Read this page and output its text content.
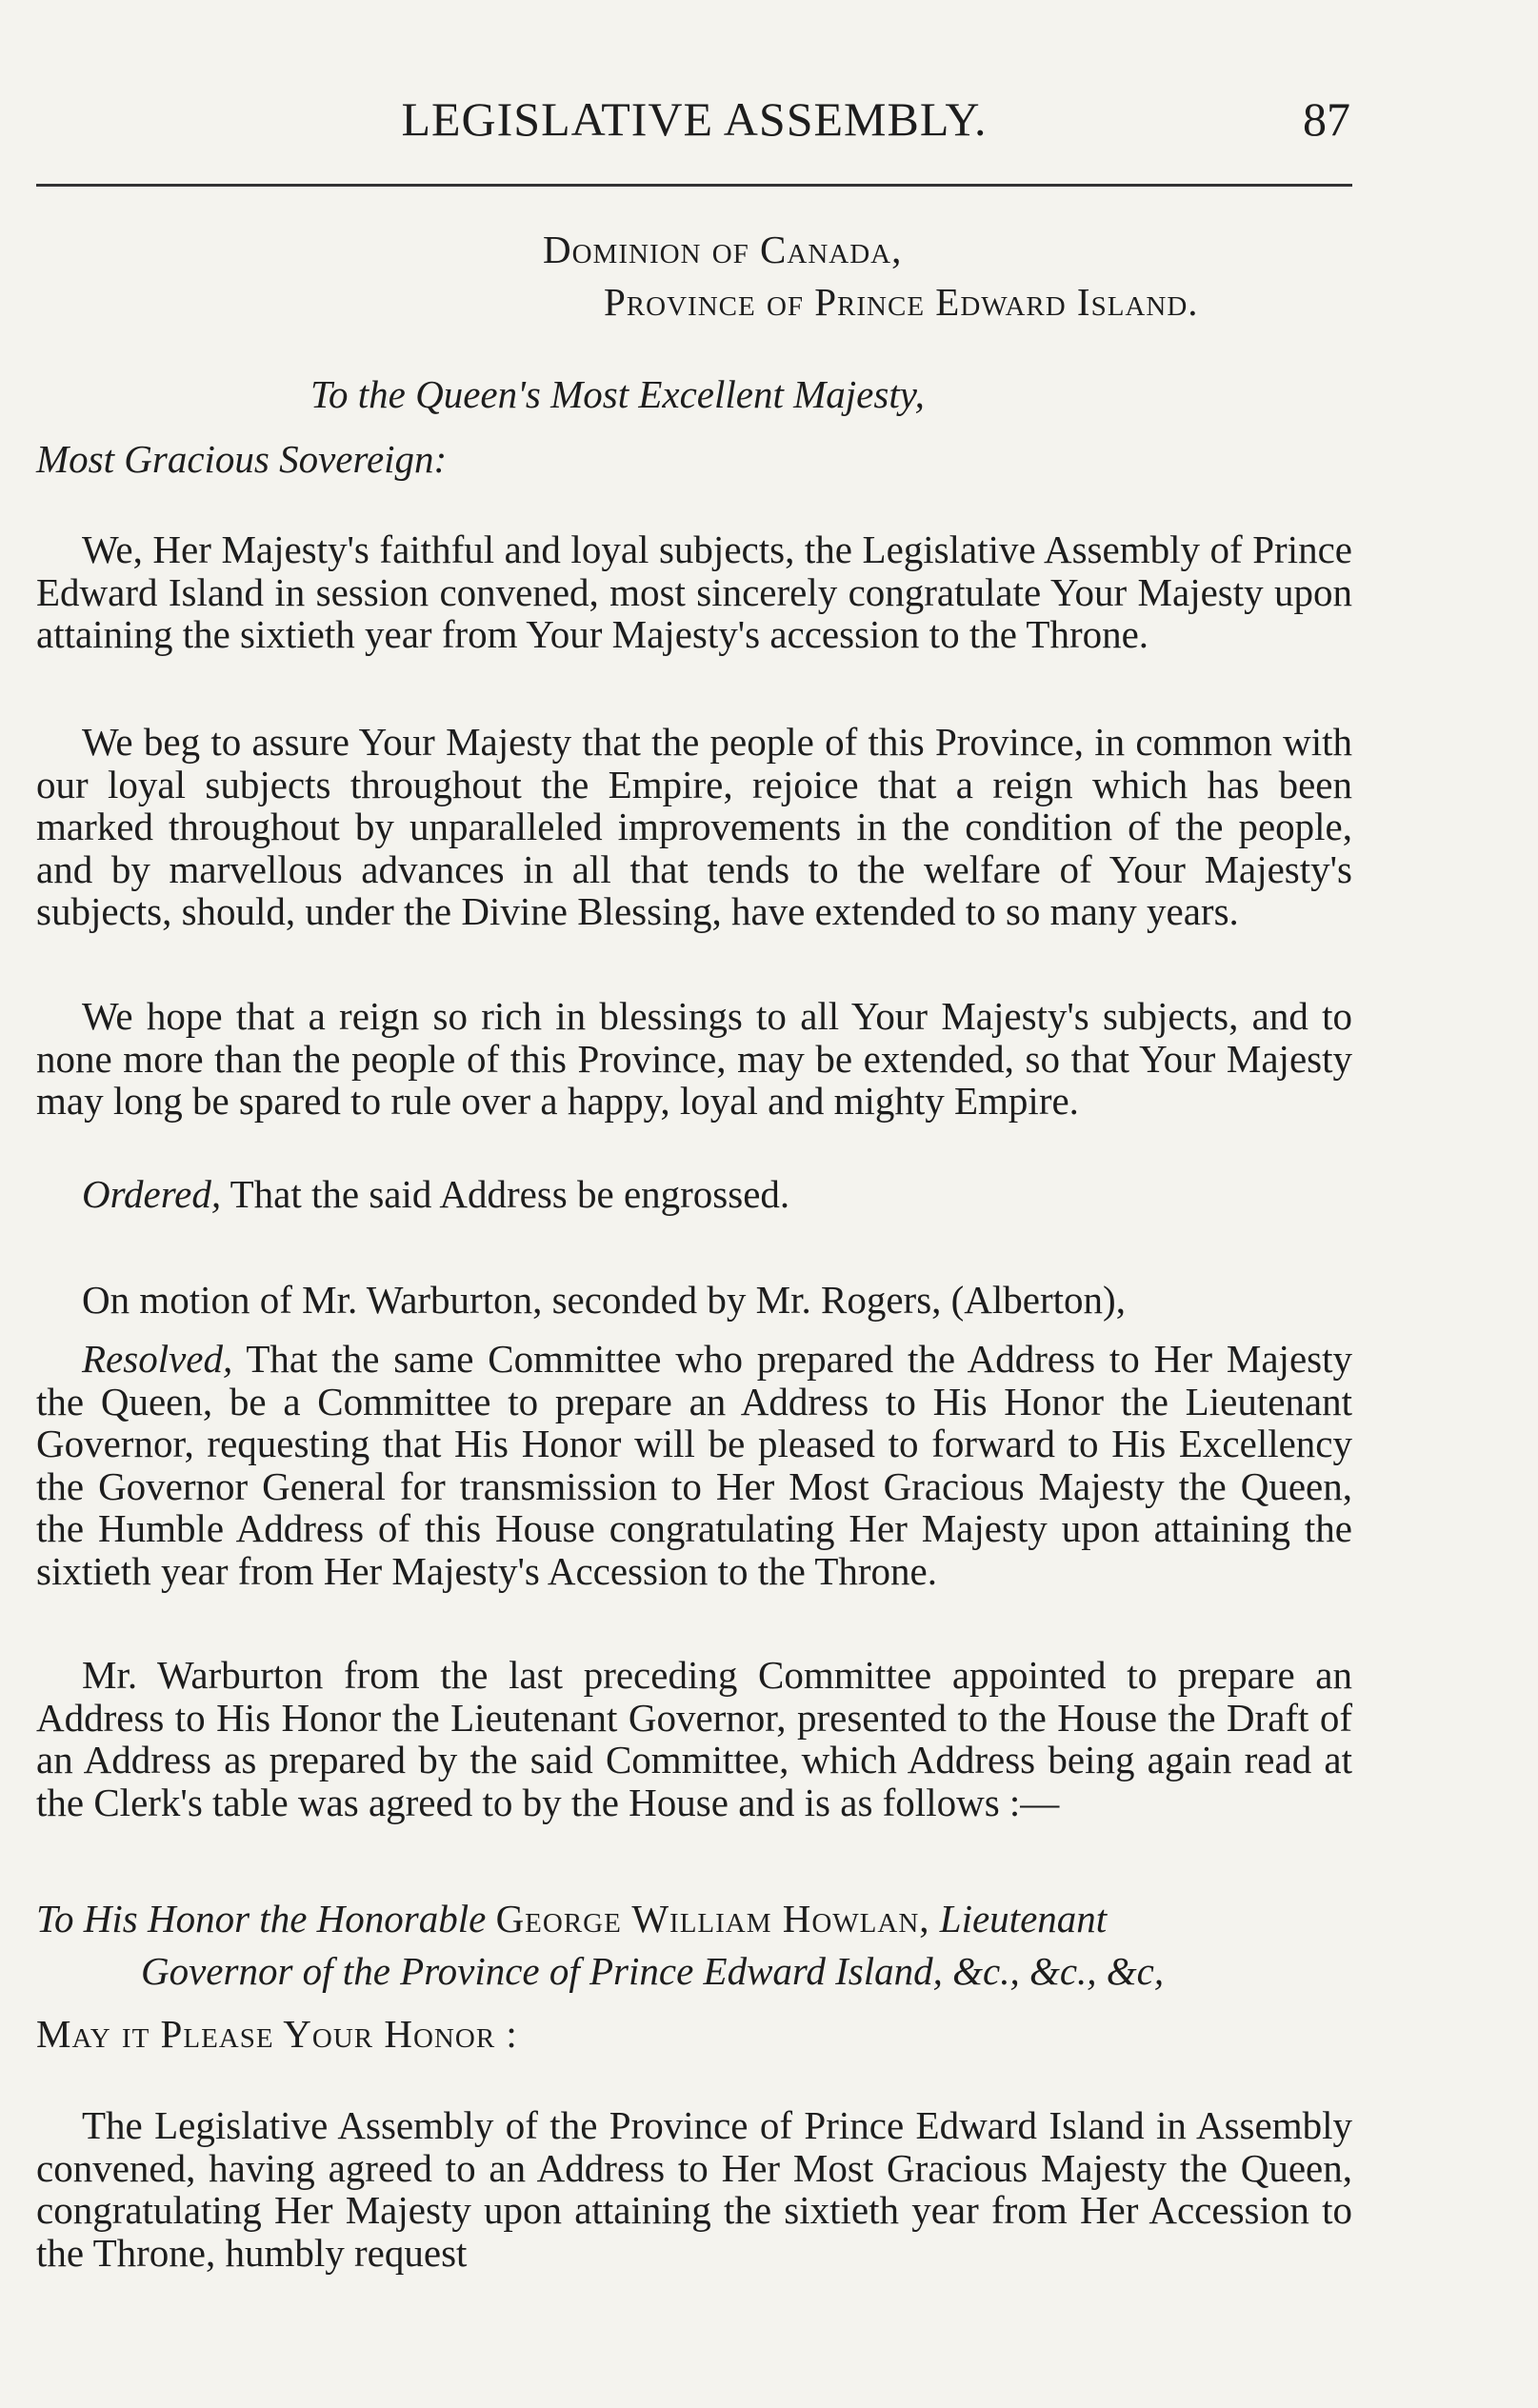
LEGISLATIVE ASSEMBLY.	87
Dominion of Canada,
Province of Prince Edward Island.
To the Queen's Most Excellent Majesty,
Most Gracious Sovereign:

We, Her Majesty's faithful and loyal subjects, the Legislative Assembly of Prince Edward Island in session convened, most sincerely congratulate Your Majesty upon attaining the sixtieth year from Your Majesty's accession to the Throne.

We beg to assure Your Majesty that the people of this Province, in common with our loyal subjects throughout the Empire, rejoice that a reign which has been marked throughout by unparalleled improvements in the condition of the people, and by marvellous advances in all that tends to the welfare of Your Majesty's subjects, should, under the Divine Blessing, have extended to so many years.

We hope that a reign so rich in blessings to all Your Majesty's subjects, and to none more than the people of this Province, may be extended, so that Your Majesty may long be spared to rule over a happy, loyal and mighty Empire.

Ordered, That the said Address be engrossed.

On motion of Mr. Warburton, seconded by Mr. Rogers, (Alberton),

Resolved, That the same Committee who prepared the Address to Her Majesty the Queen, be a Committee to prepare an Address to His Honor the Lieutenant Governor, requesting that His Honor will be pleased to forward to His Excellency the Governor General for transmission to Her Most Gracious Majesty the Queen, the Humble Address of this House congratulating Her Majesty upon attaining the sixtieth year from Her Majesty's Accession to the Throne.

Mr. Warburton from the last preceding Committee appointed to prepare an Address to His Honor the Lieutenant Governor, presented to the House the Draft of an Address as prepared by the said Committee, which Address being again read at the Clerk's table was agreed to by the House and is as follows :—

To His Honor the Honorable George William Howlan, Lieutenant
Governor of the Province of Prince Edward Island, &c., &c., &c,
May it Please Your Honor :

The Legislative Assembly of the Province of Prince Edward Island in Assembly convened, having agreed to an Address to Her Most Gracious Majesty the Queen, congratulating Her Majesty upon attaining the sixtieth year from Her Accession to the Throne, humbly request
